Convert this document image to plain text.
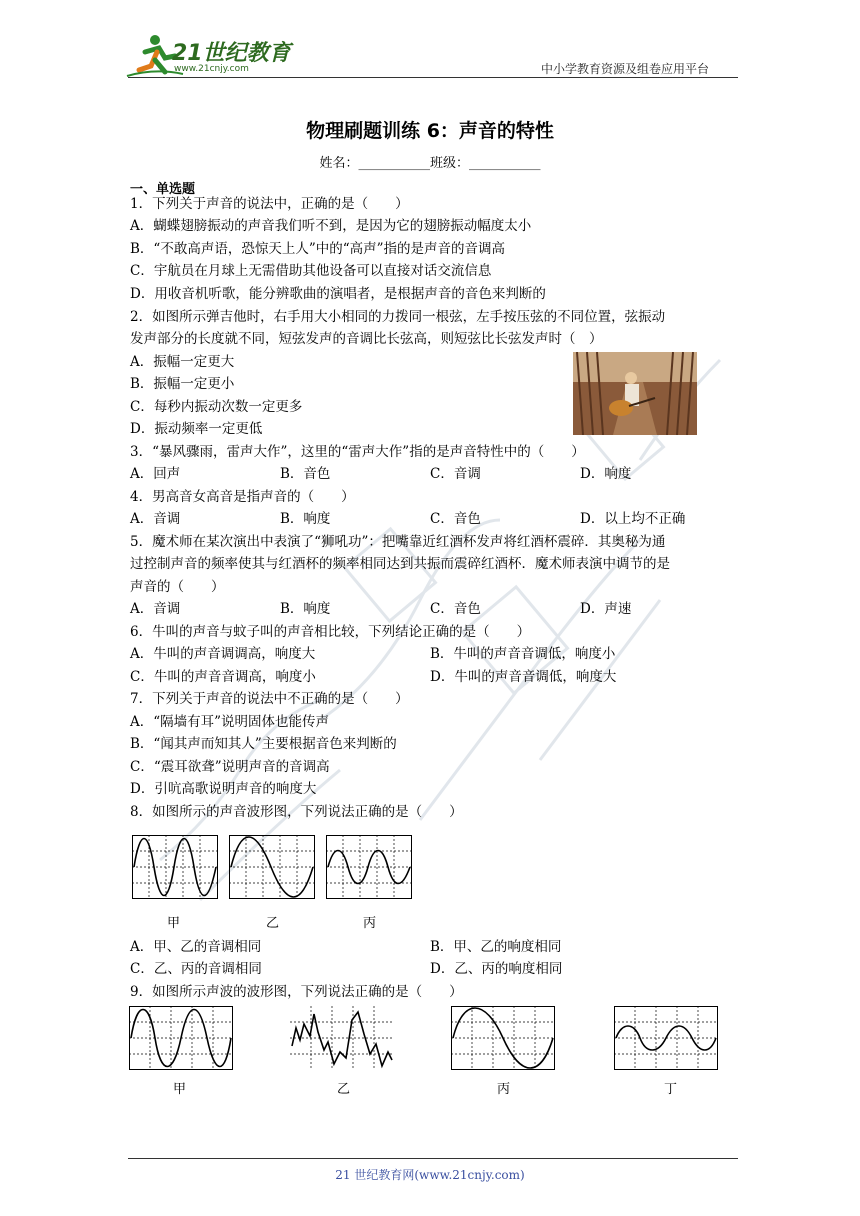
21世纪教育
www.21cnjy.com	中小学教育资源及组卷应用平台
物理刷题训练 6：声音的特性
姓名：___________班级：___________
一、单选题
1．下列关于声音的说法中，正确的是（　　）
A．蝴蝶翅膀振动的声音我们听不到，是因为它的翅膀振动幅度太小
B．“不敢高声语，恐惊天上人”中的“高声”指的是声音的音调高
C．宇航员在月球上无需借助其他设备可以直接对话交流信息
D．用收音机听歌，能分辨歌曲的演唱者，是根据声音的音色来判断的
2．如图所示弹吉他时，右手用大小相同的力拨同一根弦，左手按压弦的不同位置，弦振动
发声部分的长度就不同，短弦发声的音调比长弦高，则短弦比长弦发声时（　）
A．振幅一定更大
B．振幅一定更小
C．每秒内振动次数一定更多
D．振动频率一定更低
3．“暴风骤雨，雷声大作”，这里的“雷声大作”指的是声音特性中的（　　）
A．回声	B．音色	C．音调	D．响度
4．男高音女高音是指声音的（　　）
A．音调	B．响度	C．音色	D．以上均不正确
5．魔术师在某次演出中表演了“狮吼功”：把嘴靠近红酒杯发声将红酒杯震碎．其奥秘为通
过控制声音的频率使其与红酒杯的频率相同达到共振而震碎红酒杯．魔术师表演中调节的是
声音的（　　）
A．音调	B．响度	C．音色	D．声速
6．牛叫的声音与蚊子叫的声音相比较，下列结论正确的是（　　）
A．牛叫的声音调调高，响度大	B．牛叫的声音音调低，响度小
C．牛叫的声音音调高，响度小	D．牛叫的声音音调低，响度大
7．下列关于声音的说法中不正确的是（　　）
A．“隔墙有耳”说明固体也能传声
B．“闻其声而知其人”主要根据音色来判断的
C．“震耳欲聋”说明声音的音调高
D．引吭高歌说明声音的响度大
8．如图所示的声音波形图，下列说法正确的是（　　）
甲	乙	丙
A．甲、乙的音调相同	B．甲、乙的响度相同
C．乙、丙的音调相同	D．乙、丙的响度相同
9．如图所示声波的波形图，下列说法正确的是（　　）
甲	乙	丙	丁
21 世纪教育网(www.21cnjy.com)
